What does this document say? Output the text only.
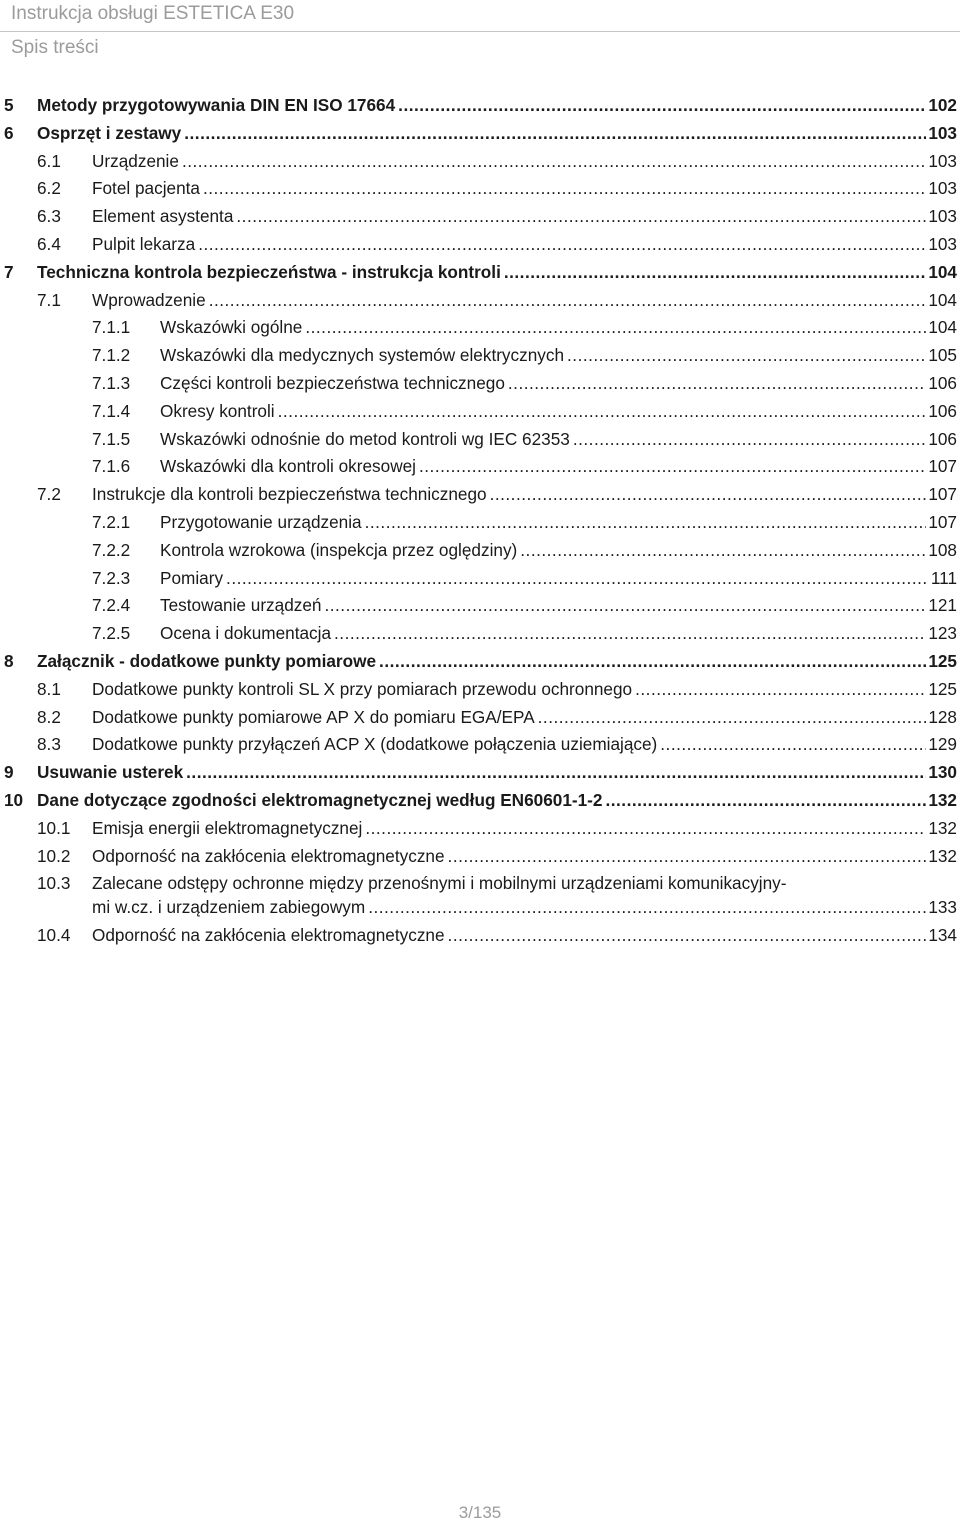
Instrukcja obsługi ESTETICA E30
Spis treści
5 Metody przygotowywania DIN EN ISO 17664 .....	102
6 Osprzęt i zestawy .....	103
6.1 Urządzenie .....	103
6.2 Fotel pacjenta .....	103
6.3 Element asystenta .....	103
6.4 Pulpit lekarza .....	103
7 Techniczna kontrola bezpieczeństwa - instrukcja kontroli .....	104
7.1 Wprowadzenie .....	104
7.1.1 Wskazówki ogólne .....	104
7.1.2 Wskazówki dla medycznych systemów elektrycznych .....	105
7.1.3 Części kontroli bezpieczeństwa technicznego .....	106
7.1.4 Okresy kontroli .....	106
7.1.5 Wskazówki odnośnie do metod kontroli wg IEC 62353 .....	106
7.1.6 Wskazówki dla kontroli okresowej .....	107
7.2 Instrukcje dla kontroli bezpieczeństwa technicznego .....	107
7.2.1 Przygotowanie urządzenia .....	107
7.2.2 Kontrola wzrokowa (inspekcja przez oględziny) .....	108
7.2.3 Pomiary .....	111
7.2.4 Testowanie urządzeń .....	121
7.2.5 Ocena i dokumentacja .....	123
8 Załącznik - dodatkowe punkty pomiarowe .....	125
8.1 Dodatkowe punkty kontroli SL X przy pomiarach przewodu ochronnego .....	125
8.2 Dodatkowe punkty pomiarowe AP X do pomiaru EGA/EPA .....	128
8.3 Dodatkowe punkty przyłączeń ACP X (dodatkowe połączenia uziemiające) .....	129
9 Usuwanie usterek .....	130
10 Dane dotyczące zgodności elektromagnetycznej według EN60601-1-2 .....	132
10.1 Emisja energii elektromagnetycznej .....	132
10.2 Odporność na zakłócenia elektromagnetyczne .....	132
10.3 Zalecane odstępy ochronne między przenośnymi i mobilnymi urządzeniami komunikacyjny-
mi w.cz. i urządzeniem zabiegowym .....	133
10.4 Odporność na zakłócenia elektromagnetyczne .....	134
3/135
